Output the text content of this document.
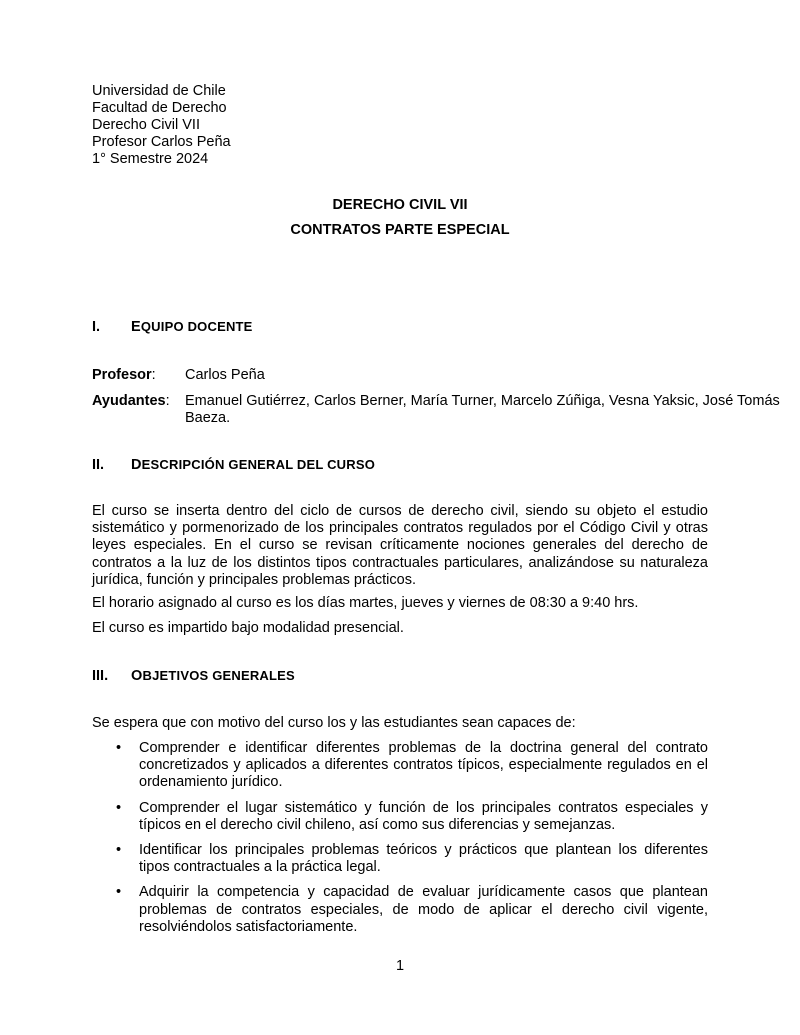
Universidad de Chile
Facultad de Derecho
Derecho Civil VII
Profesor Carlos Peña
1° Semestre 2024
DERECHO CIVIL VII
CONTRATOS PARTE ESPECIAL
I.	EQUIPO DOCENTE
Profesor:	Carlos Peña
Ayudantes:	Emanuel Gutiérrez, Carlos Berner, María Turner, Marcelo Zúñiga, Vesna Yaksic, José Tomás Baeza.
II.	DESCRIPCIÓN GENERAL DEL CURSO

El curso se inserta dentro del ciclo de cursos de derecho civil, siendo su objeto el estudio sistemático y pormenorizado de los principales contratos regulados por el Código Civil y otras leyes especiales. En el curso se revisan críticamente nociones generales del derecho de contratos a la luz de los distintos tipos contractuales particulares, analizándose su naturaleza jurídica, función y principales problemas prácticos.

El horario asignado al curso es los días martes, jueves y viernes de 08:30 a 9:40 hrs.

El curso es impartido bajo modalidad presencial.

III.	OBJETIVOS GENERALES

Se espera que con motivo del curso los y las estudiantes sean capaces de:

• Comprender e identificar diferentes problemas de la doctrina general del contrato concretizados y aplicados a diferentes contratos típicos, especialmente regulados en el ordenamiento jurídico.
• Comprender el lugar sistemático y función de los principales contratos especiales y típicos en el derecho civil chileno, así como sus diferencias y semejanzas.
• Identificar los principales problemas teóricos y prácticos que plantean los diferentes tipos contractuales a la práctica legal.
• Adquirir la competencia y capacidad de evaluar jurídicamente casos que plantean problemas de contratos especiales, de modo de aplicar el derecho civil vigente, resolviéndolos satisfactoriamente.
1
